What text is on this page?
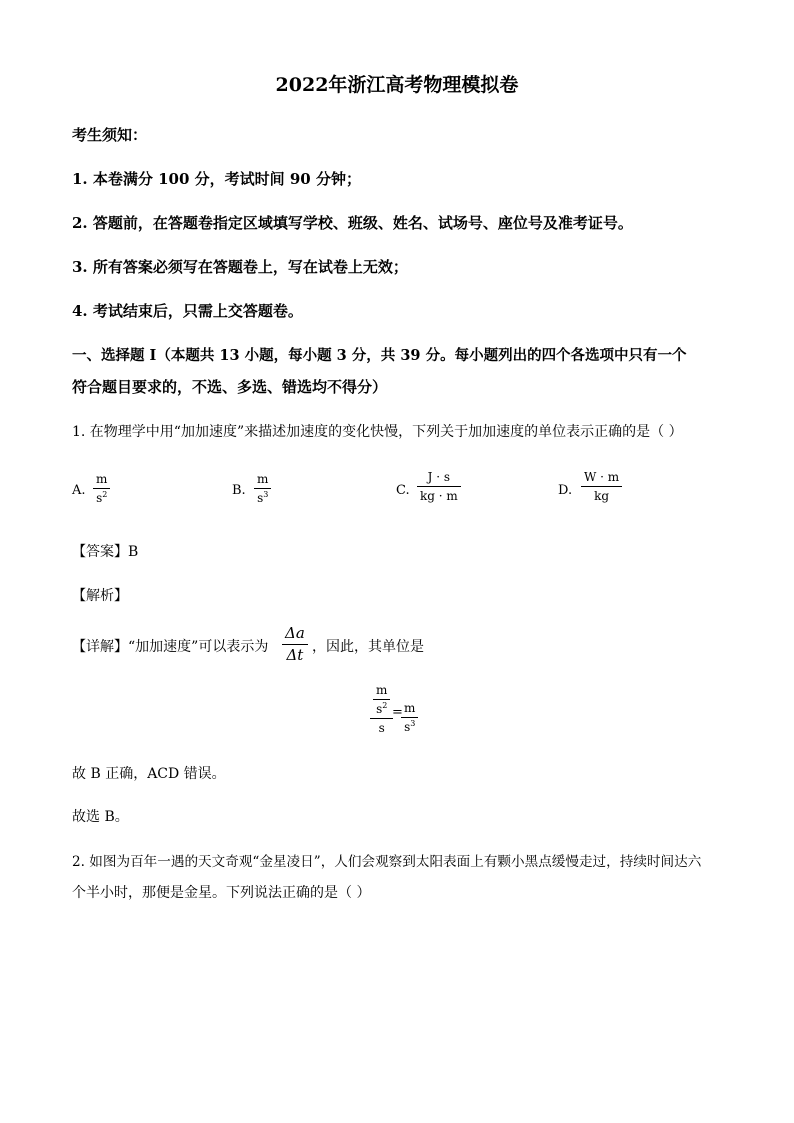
2022年浙江高考物理模拟卷
考生须知：
1. 本卷满分 100 分，考试时间 90 分钟；
2. 答题前，在答题卷指定区域填写学校、班级、姓名、试场号、座位号及准考证号。
3. 所有答案必须写在答题卷上，写在试卷上无效；
4. 考试结束后，只需上交答题卷。
一、选择题 I（本题共 13 小题，每小题 3 分，共 39 分。每小题列出的四个各选项中只有一个
符合题目要求的，不选、多选、错选均不得分）
1. 在物理学中用“加加速度”来描述加速度的变化快慢，下列关于加加速度的单位表示正确的是（ ）
A.
m
$s^2$	B.
m
$s^3$	C.
J · s
kg · m	D.
W · m
kg
【答案】B
【解析】
【详解】“加加速度”可以表示为
Δa
Δt ，因此，其单位是
$\frac{m}{s^2}$
s
= m
$s^3$
故 B 正确，ACD 错误。
故选 B。
2. 如图为百年一遇的天文奇观“金星凌日”，人们会观察到太阳表面上有颗小黑点缓慢走过，持续时间达六
个半小时，那便是金星。下列说法正确的是（ ）
